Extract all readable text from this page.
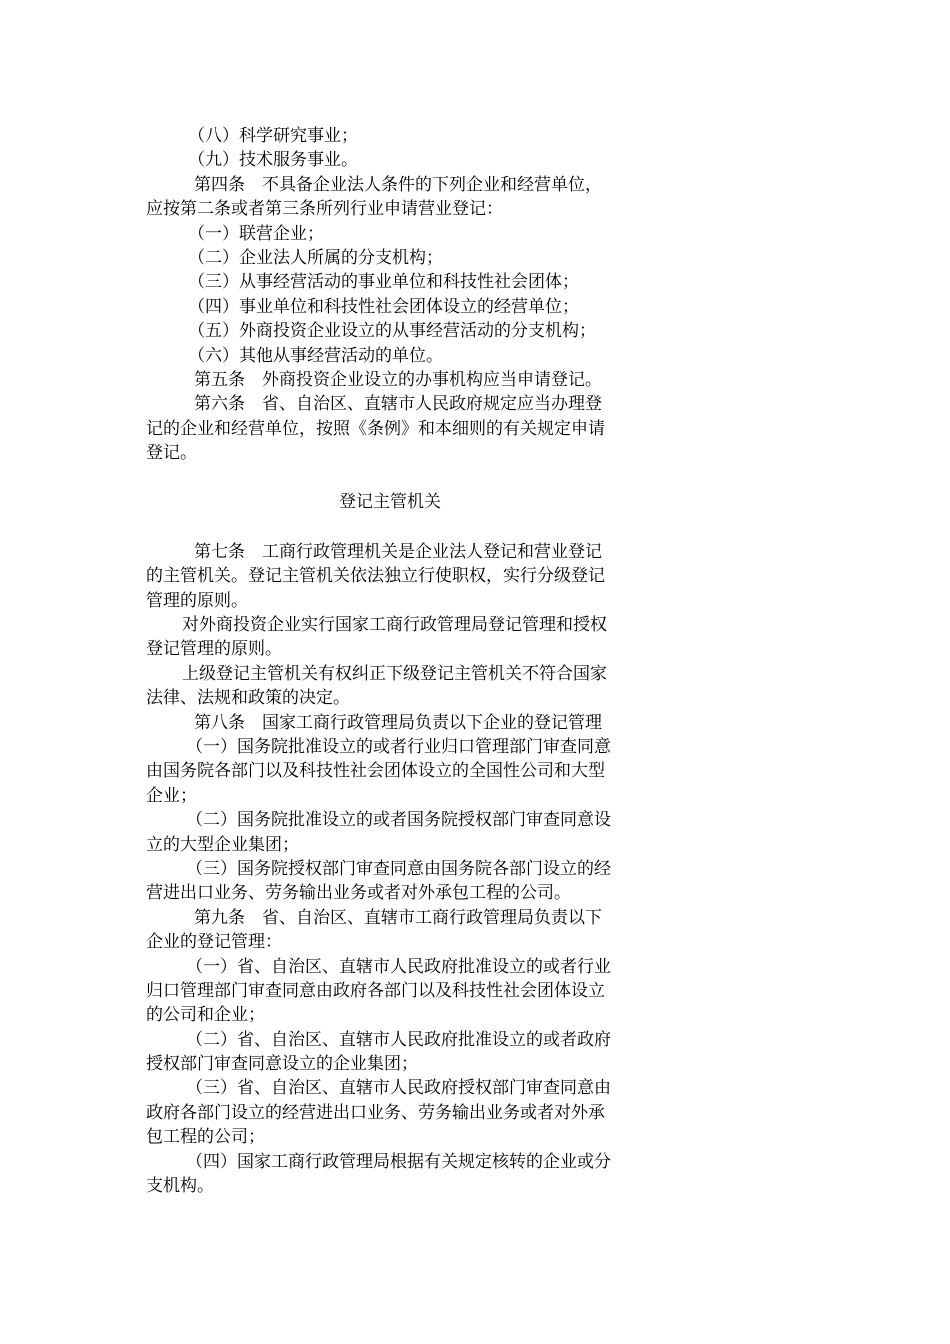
（八）科学研究事业；
（九）技术服务事业。
第四条　不具备企业法人条件的下列企业和经营单位，
应按第二条或者第三条所列行业申请营业登记：
（一）联营企业；
（二）企业法人所属的分支机构；
（三）从事经营活动的事业单位和科技性社会团体；
（四）事业单位和科技性社会团体设立的经营单位；
（五）外商投资企业设立的从事经营活动的分支机构；
（六）其他从事经营活动的单位。
第五条　外商投资企业设立的办事机构应当申请登记。
第六条　省、自治区、直辖市人民政府规定应当办理登
记的企业和经营单位，按照《条例》和本细则的有关规定申请
登记。
登记主管机关
第七条　工商行政管理机关是企业法人登记和营业登记
的主管机关。登记主管机关依法独立行使职权，实行分级登记
管理的原则。
对外商投资企业实行国家工商行政管理局登记管理和授权
登记管理的原则。
上级登记主管机关有权纠正下级登记主管机关不符合国家
法律、法规和政策的决定。
第八条　国家工商行政管理局负责以下企业的登记管理
（一）国务院批准设立的或者行业归口管理部门审查同意
由国务院各部门以及科技性社会团体设立的全国性公司和大型
企业；
（二）国务院批准设立的或者国务院授权部门审查同意设
立的大型企业集团；
（三）国务院授权部门审查同意由国务院各部门设立的经
营进出口业务、劳务输出业务或者对外承包工程的公司。
第九条　省、自治区、直辖市工商行政管理局负责以下
企业的登记管理：
（一）省、自治区、直辖市人民政府批准设立的或者行业
归口管理部门审查同意由政府各部门以及科技性社会团体设立
的公司和企业；
（二）省、自治区、直辖市人民政府批准设立的或者政府
授权部门审查同意设立的企业集团；
（三）省、自治区、直辖市人民政府授权部门审查同意由
政府各部门设立的经营进出口业务、劳务输出业务或者对外承
包工程的公司；
（四）国家工商行政管理局根据有关规定核转的企业或分
支机构。
